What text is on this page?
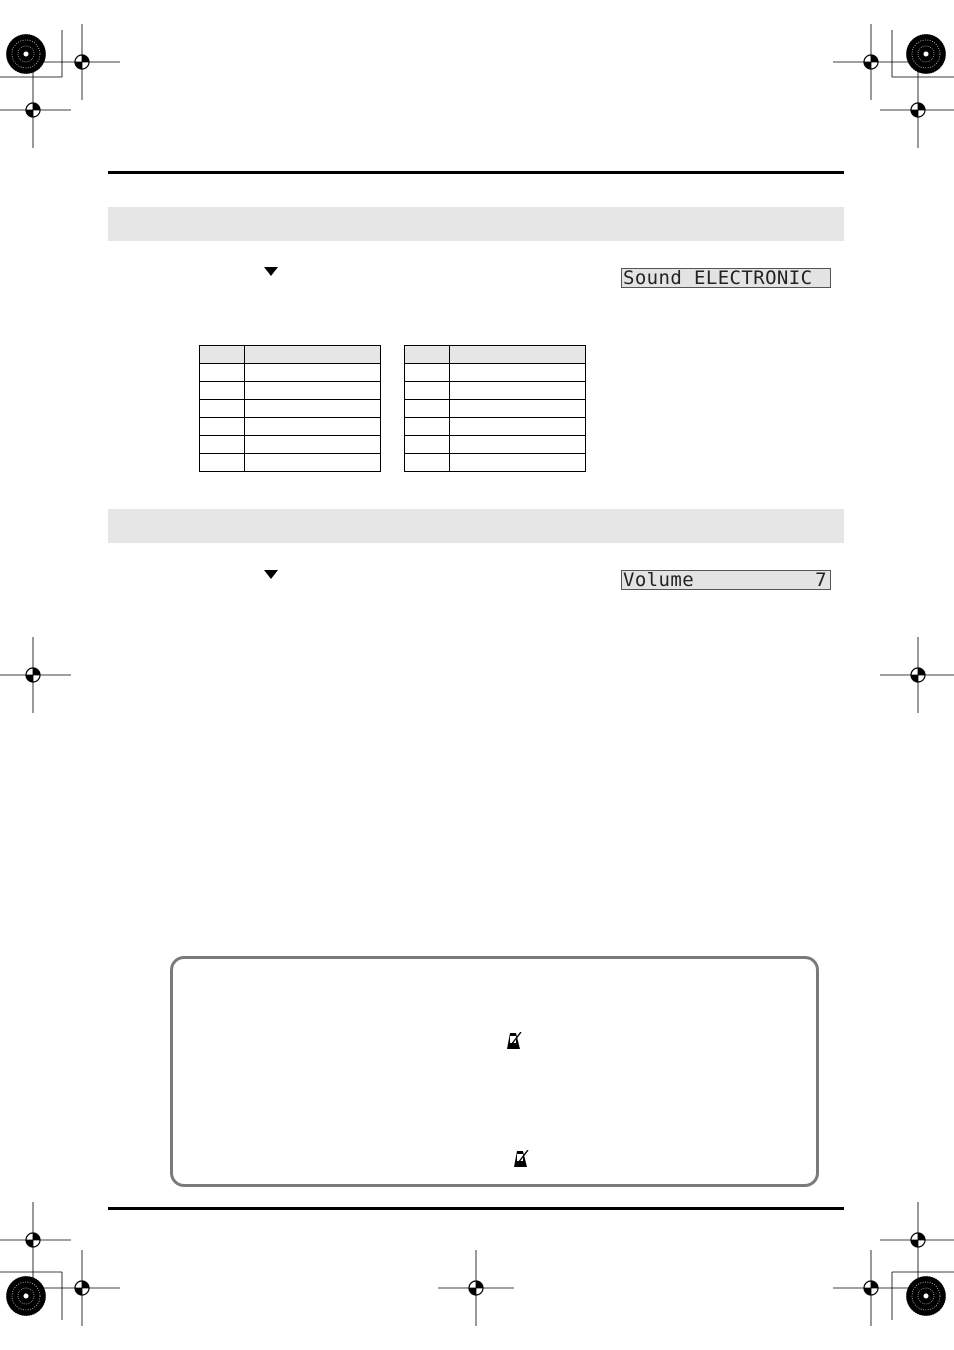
Sound ELECTRONIC

Volume	7
